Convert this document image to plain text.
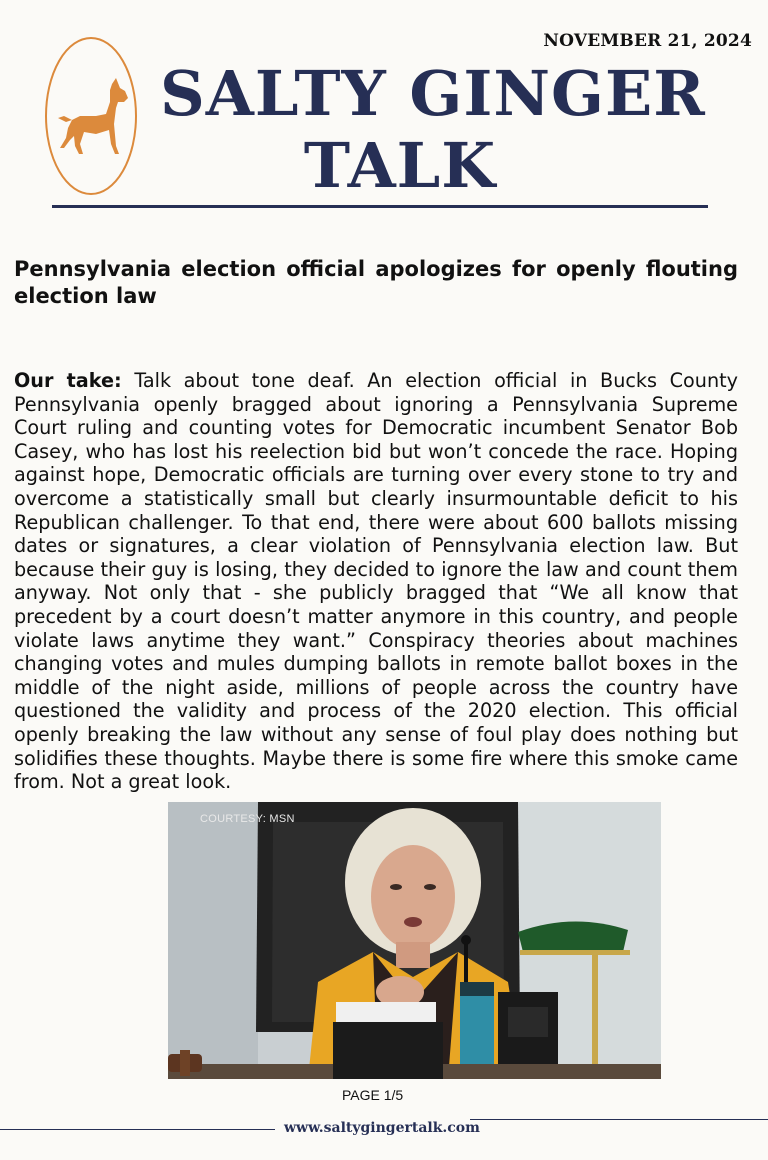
NOVEMBER 21, 2024
SALTY GINGER
TALK
Pennsylvania election official apologizes for openly flouting election law
Our take: Talk about tone deaf. An election official in Bucks County Pennsylvania openly bragged about ignoring a Pennsylvania Supreme Court ruling and counting votes for Democratic incumbent Senator Bob Casey, who has lost his reelection bid but won’t concede the race. Hoping against hope, Democratic officials are turning over every stone to try and overcome a statistically small but clearly insurmountable deficit to his Republican challenger. To that end, there were about 600 ballots missing dates or signatures, a clear violation of Pennsylvania election law. But because their guy is losing, they decided to ignore the law and count them anyway. Not only that - she publicly bragged that “We all know that precedent by a court doesn’t matter anymore in this country, and people violate laws anytime they want.” Conspiracy theories about machines changing votes and mules dumping ballots in remote ballot boxes in the middle of the night aside, millions of people across the country have questioned the validity and process of the 2020 election. This official openly breaking the law without any sense of foul play does nothing but solidifies these thoughts. Maybe there is some fire where this smoke came from. Not a great look.
COURTESY: MSN
PAGE 1/5
www.saltygingertalk.com
